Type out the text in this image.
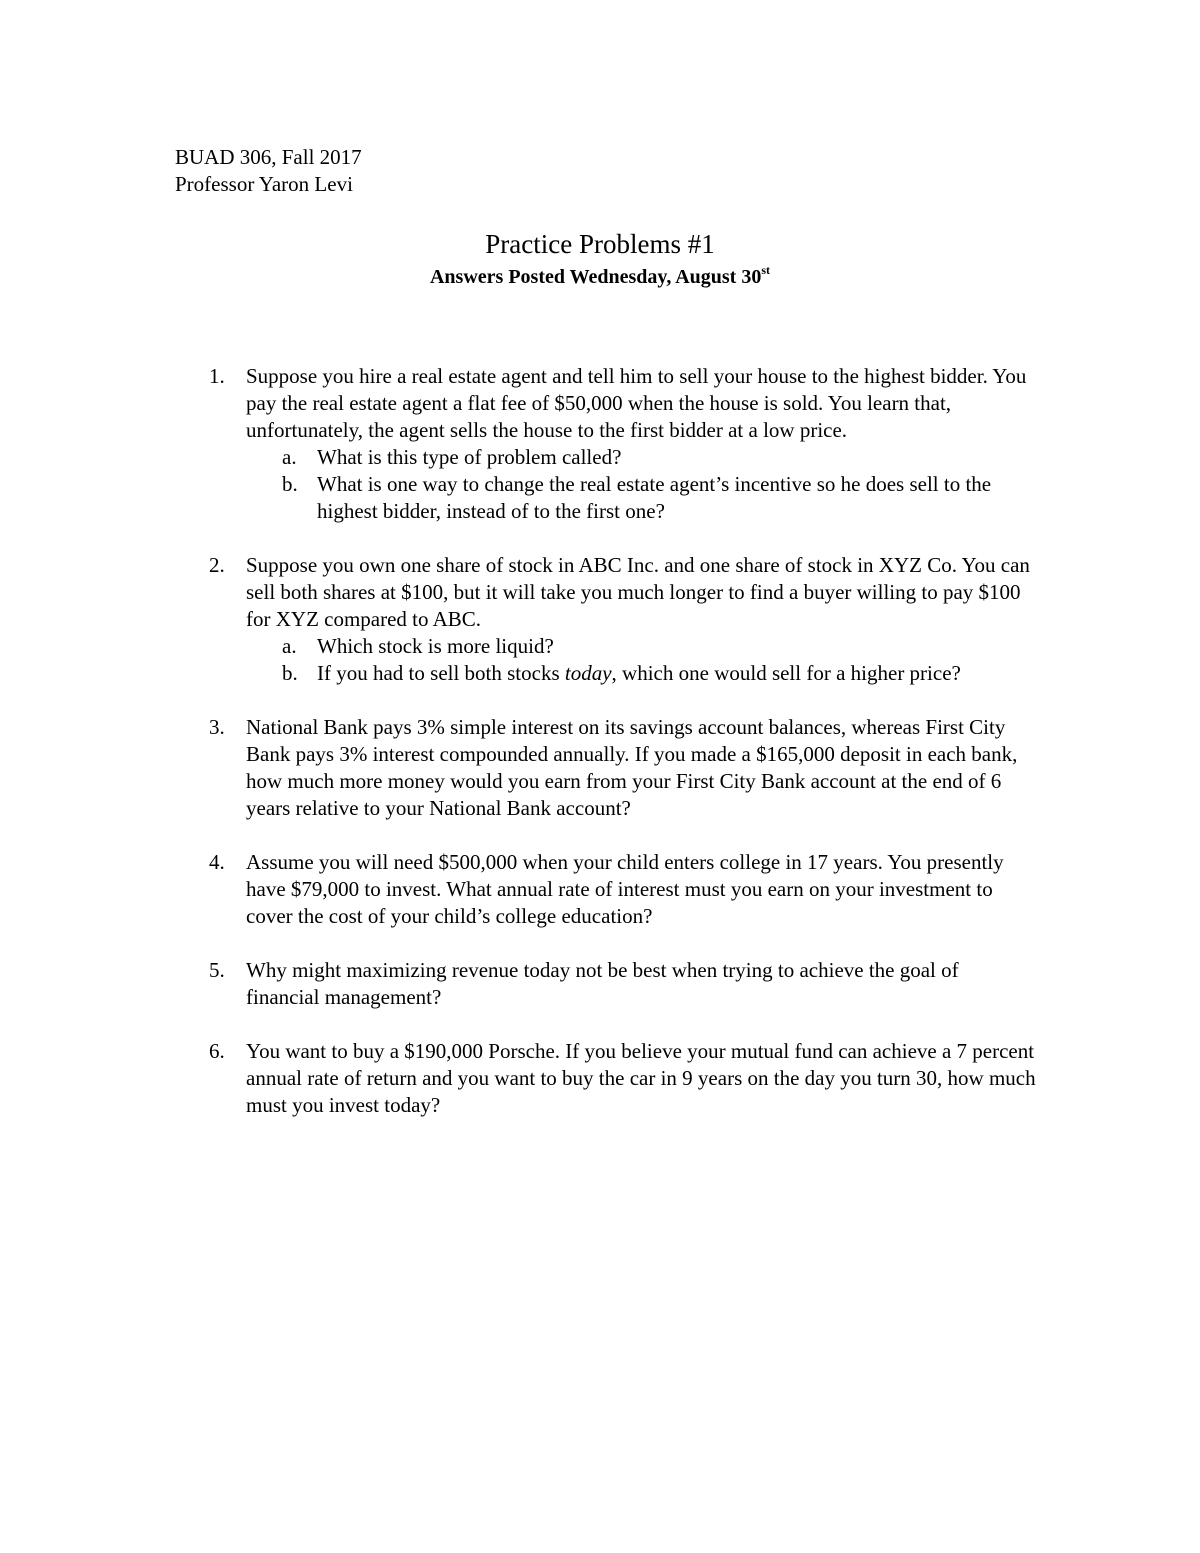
BUAD 306, Fall 2017
Professor Yaron Levi
Practice Problems #1
Answers Posted Wednesday, August 30st
1. Suppose you hire a real estate agent and tell him to sell your house to the highest bidder. You pay the real estate agent a flat fee of $50,000 when the house is sold. You learn that, unfortunately, the agent sells the house to the first bidder at a low price.
a. What is this type of problem called?
b. What is one way to change the real estate agent’s incentive so he does sell to the highest bidder, instead of to the first one?
2. Suppose you own one share of stock in ABC Inc. and one share of stock in XYZ Co. You can sell both shares at $100, but it will take you much longer to find a buyer willing to pay $100 for XYZ compared to ABC.
a. Which stock is more liquid?
b. If you had to sell both stocks today, which one would sell for a higher price?
3. National Bank pays 3% simple interest on its savings account balances, whereas First City Bank pays 3% interest compounded annually. If you made a $165,000 deposit in each bank, how much more money would you earn from your First City Bank account at the end of 6 years relative to your National Bank account?
4. Assume you will need $500,000 when your child enters college in 17 years. You presently have $79,000 to invest. What annual rate of interest must you earn on your investment to cover the cost of your child’s college education?
5. Why might maximizing revenue today not be best when trying to achieve the goal of financial management?
6. You want to buy a $190,000 Porsche. If you believe your mutual fund can achieve a 7 percent annual rate of return and you want to buy the car in 9 years on the day you turn 30, how much must you invest today?
